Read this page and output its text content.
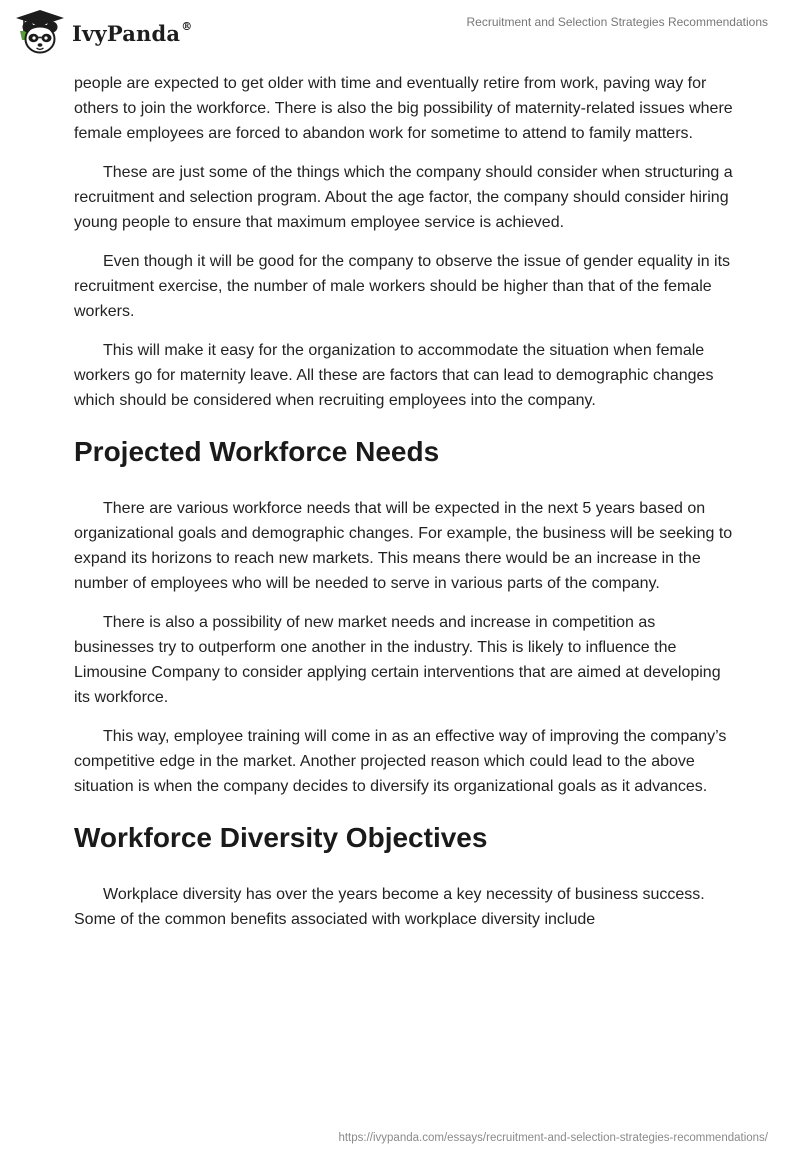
IvyPanda®	Recruitment and Selection Strategies Recommendations

people are expected to get older with time and eventually retire from work, paving way for others to join the workforce. There is also the big possibility of maternity-related issues where female employees are forced to abandon work for sometime to attend to family matters.

These are just some of the things which the company should consider when structuring a recruitment and selection program. About the age factor, the company should consider hiring young people to ensure that maximum employee service is achieved.

Even though it will be good for the company to observe the issue of gender equality in its recruitment exercise, the number of male workers should be higher than that of the female workers.

This will make it easy for the organization to accommodate the situation when female workers go for maternity leave. All these are factors that can lead to demographic changes which should be considered when recruiting employees into the company.

Projected Workforce Needs

There are various workforce needs that will be expected in the next 5 years based on organizational goals and demographic changes. For example, the business will be seeking to expand its horizons to reach new markets. This means there would be an increase in the number of employees who will be needed to serve in various parts of the company.

There is also a possibility of new market needs and increase in competition as businesses try to outperform one another in the industry. This is likely to influence the Limousine Company to consider applying certain interventions that are aimed at developing its workforce.

This way, employee training will come in as an effective way of improving the company’s competitive edge in the market. Another projected reason which could lead to the above situation is when the company decides to diversify its organizational goals as it advances.

Workforce Diversity Objectives

Workplace diversity has over the years become a key necessity of business success. Some of the common benefits associated with workplace diversity include

https://ivypanda.com/essays/recruitment-and-selection-strategies-recommendations/
